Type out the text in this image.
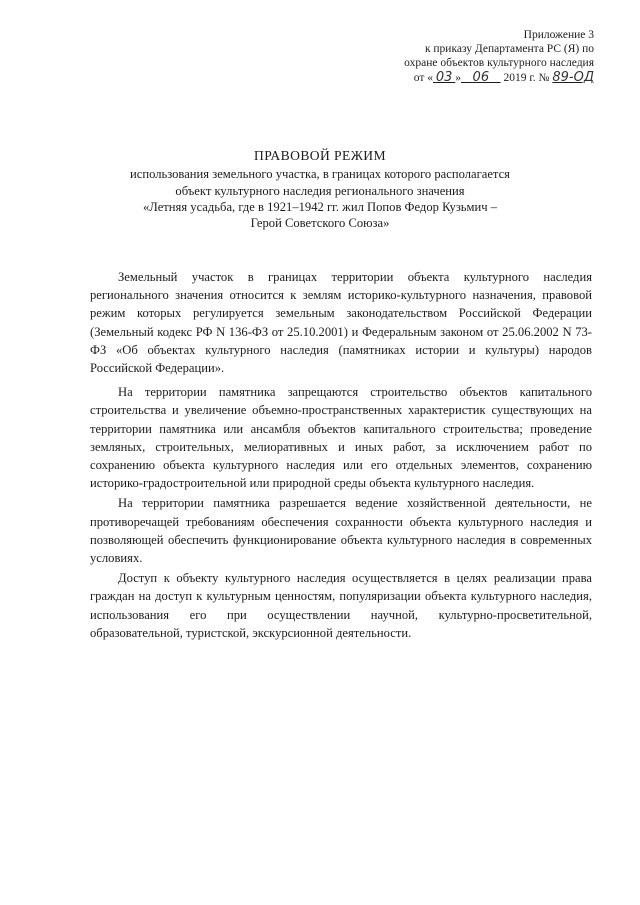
Приложение 3
к приказу Департамента РС (Я) по
охране объектов культурного наследия
от « 03 » 06 2019 г. № 89-ОД
ПРАВОВОЙ РЕЖИМ
использования земельного участка, в границах которого располагается
объект культурного наследия регионального значения
«Летняя усадьба, где в 1921–1942 гг. жил Попов Федор Кузьмич –
Герой Советского Союза»

Земельный участок в границах территории объекта культурного наследия регионального значения относится к землям историко-культурного назначения, правовой режим которых регулируется земельным законодательством Российской Федерации (Земельный кодекс РФ N 136-ФЗ от 25.10.2001) и Федеральным законом от 25.06.2002 N 73-ФЗ «Об объектах культурного наследия (памятниках истории и культуры) народов Российской Федерации».

На территории памятника запрещаются строительство объектов капитального строительства и увеличение объемно-пространственных характеристик существующих на территории памятника или ансамбля объектов капитального строительства; проведение земляных, строительных, мелиоративных и иных работ, за исключением работ по сохранению объекта культурного наследия или его отдельных элементов, сохранению историко-градостроительной или природной среды объекта культурного наследия.

На территории памятника разрешается ведение хозяйственной деятельности, не противоречащей требованиям обеспечения сохранности объекта культурного наследия и позволяющей обеспечить функционирование объекта культурного наследия в современных условиях.

Доступ к объекту культурного наследия осуществляется в целях реализации права граждан на доступ к культурным ценностям, популяризации объекта культурного наследия, использования его при осуществлении научной, культурно-просветительной, образовательной, туристской, экскурсионной деятельности.
